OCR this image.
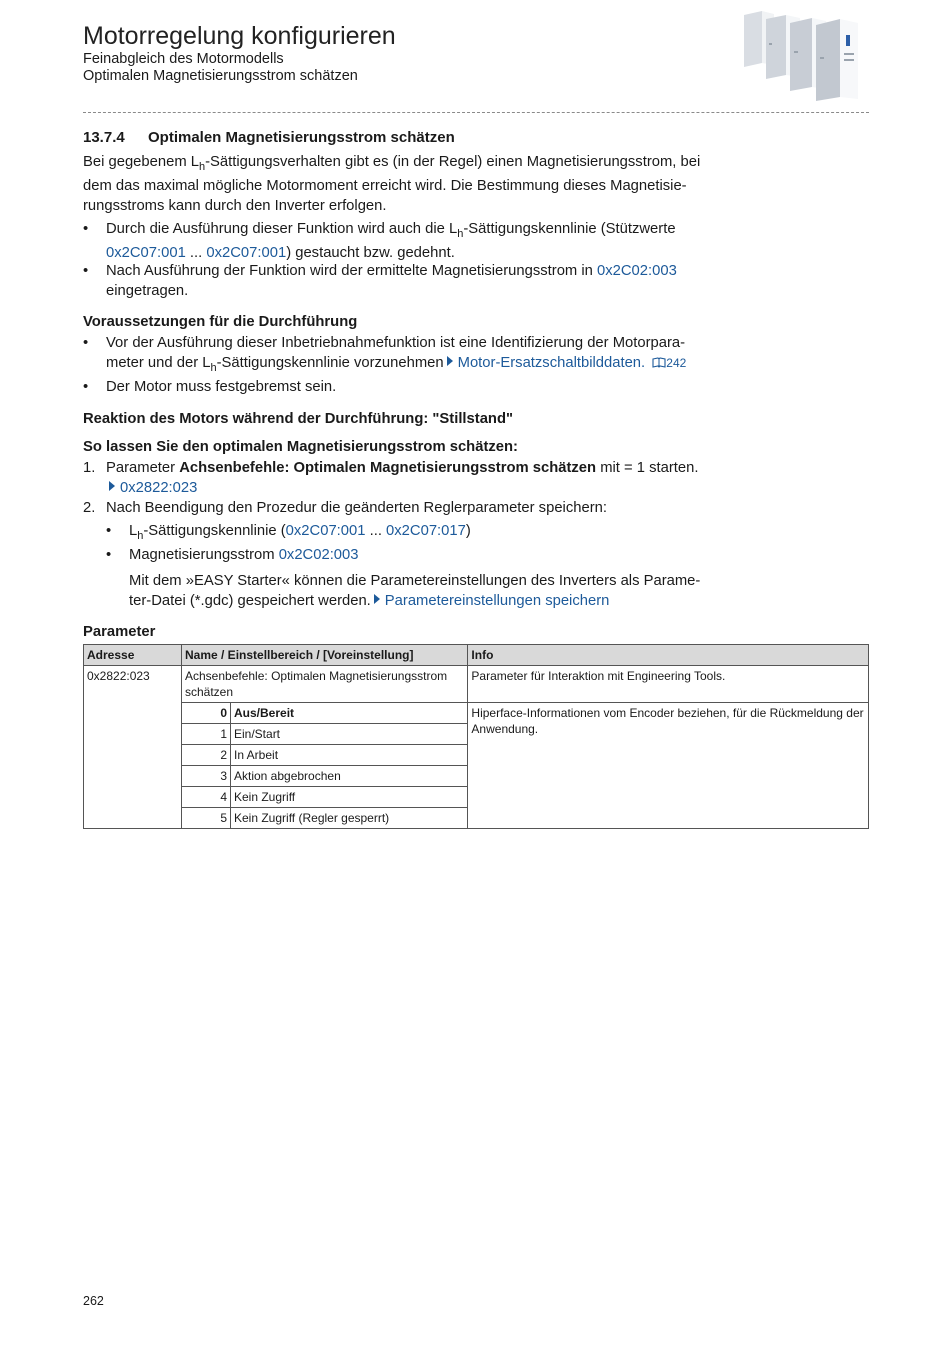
Motorregelung konfigurieren
Feinabgleich des Motormodells
Optimalen Magnetisierungsstrom schätzen
13.7.4 Optimalen Magnetisierungsstrom schätzen
Bei gegebenem $L_h$-Sättigungsverhalten gibt es (in der Regel) einen Magnetisierungsstrom, bei
dem das maximal mögliche Motormoment erreicht wird. Die Bestimmung dieses Magnetisie-
rungsstroms kann durch den Inverter erfolgen.
• Durch die Ausführung dieser Funktion wird auch die $L_h$-Sättigungskennlinie (Stützwerte
0x2C07:001 ... 0x2C07:001) gestaucht bzw. gedehnt.
• Nach Ausführung der Funktion wird der ermittelte Magnetisierungsstrom in 0x2C02:003
eingetragen.
Voraussetzungen für die Durchführung
• Vor der Ausführung dieser Inbetriebnahmefunktion ist eine Identifizierung der Motorpara-
meter und der $L_h$-Sättigungskennlinie vorzunehmen Motor-Ersatzschaltbilddaten. 242
• Der Motor muss festgebremst sein.
Reaktion des Motors während der Durchführung: "Stillstand"
So lassen Sie den optimalen Magnetisierungsstrom schätzen:
1. Parameter Achsenbefehle: Optimalen Magnetisierungsstrom schätzen mit = 1 starten.
0x2822:023
2. Nach Beendigung den Prozedur die geänderten Reglerparameter speichern:
• $L_h$-Sättigungskennlinie (0x2C07:001 ... 0x2C07:017)
• Magnetisierungsstrom 0x2C02:003
Mit dem »EASY Starter« können die Parametereinstellungen des Inverters als Parame-
ter-Datei (*.gdc) gespeichert werden. Parametereinstellungen speichern
Parameter
Adresse	Name / Einstellbereich / [Voreinstellung]		Info
0x2822:023	Achsenbefehle: Optimalen Magnetisierungsstrom schätzen		Parameter für Interaktion mit Engineering Tools.
	0	Aus/Bereit	Hiperface-Informationen vom Encoder beziehen, für die Rückmeldung der Anwendung.
	1	Ein/Start	
	2	In Arbeit	
	3	Aktion abgebrochen	
	4	Kein Zugriff	
	5	Kein Zugriff (Regler gesperrt)	
262
